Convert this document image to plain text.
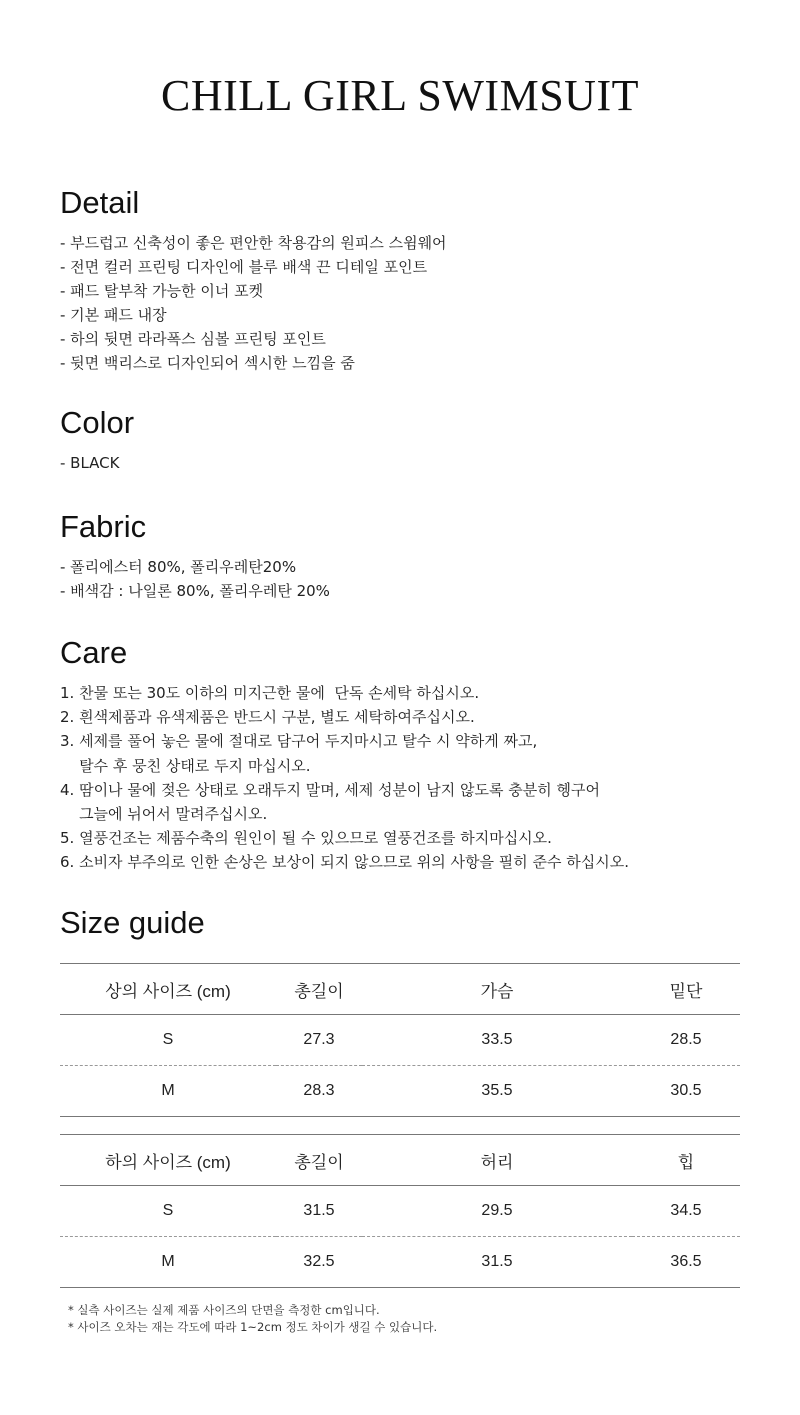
CHILL GIRL SWIMSUIT
Detail
- 부드럽고 신축성이 좋은 편안한 착용감의 원피스 스윔웨어
- 전면 컬러 프린팅 디자인에 블루 배색 끈 디테일 포인트
- 패드 탈부착 가능한 이너 포켓
- 기본 패드 내장
- 하의 뒷면 라라폭스 심볼 프린팅 포인트
- 뒷면 백리스로 디자인되어 섹시한 느낌을 줌
Color
- BLACK
Fabric
- 폴리에스터 80%, 폴리우레탄20%
- 배색감 : 나일론 80%, 폴리우레탄 20%
Care
1. 찬물 또는 30도 이하의 미지근한 물에  단독 손세탁 하십시오.
2. 흰색제품과 유색제품은 반드시 구분, 별도 세탁하여주십시오.
3. 세제를 풀어 놓은 물에 절대로 담구어 두지마시고 탈수 시 약하게 짜고,
탈수 후 뭉친 상태로 두지 마십시오.
4. 땀이나 물에 젖은 상태로 오래두지 말며, 세제 성분이 남지 않도록 충분히 헹구어
그늘에 뉘어서 말려주십시오.
5. 열풍건조는 제품수축의 원인이 될 수 있으므로 열풍건조를 하지마십시오.
6. 소비자 부주의로 인한 손상은 보상이 되지 않으므로 위의 사항을 필히 준수 하십시오.
Size guide
상의 사이즈 (cm)	총길이	가슴	밑단
S	27.3	33.5	28.5
M	28.3	35.5	30.5
하의 사이즈 (cm)	총길이	허리	힙
S	31.5	29.5	34.5
M	32.5	31.5	36.5
* 실측 사이즈는 실제 제품 사이즈의 단면을 측정한 cm입니다.
* 사이즈 오차는 재는 각도에 따라 1~2cm 정도 차이가 생길 수 있습니다.
